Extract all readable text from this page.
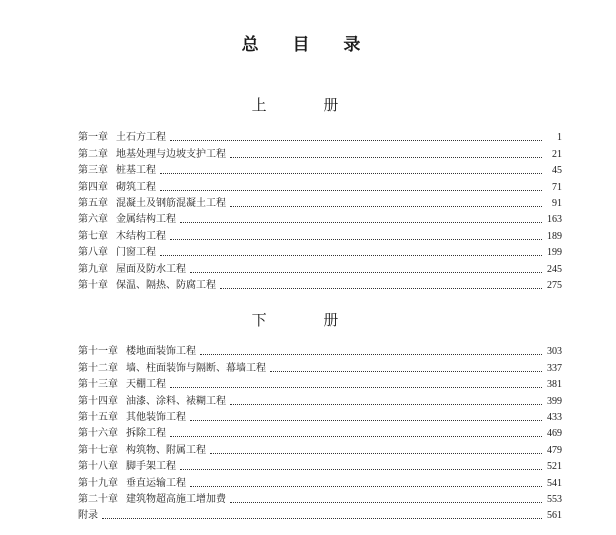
总 目 录
上 册
第一章 土石方工程	1
第二章 地基处理与边坡支护工程	21
第三章 桩基工程	45
第四章 砌筑工程	71
第五章 混凝土及钢筋混凝土工程	91
第六章 金属结构工程	163
第七章 木结构工程	189
第八章 门窗工程	199
第九章 屋面及防水工程	245
第十章 保温、隔热、防腐工程	275
下 册
第十一章 楼地面装饰工程	303
第十二章 墙、柱面装饰与隔断、幕墙工程	337
第十三章 天棚工程	381
第十四章 油漆、涂料、裱糊工程	399
第十五章 其他装饰工程	433
第十六章 拆除工程	469
第十七章 构筑物、附属工程	479
第十八章 脚手架工程	521
第十九章 垂直运输工程	541
第二十章 建筑物超高施工增加费	553
附录	561
